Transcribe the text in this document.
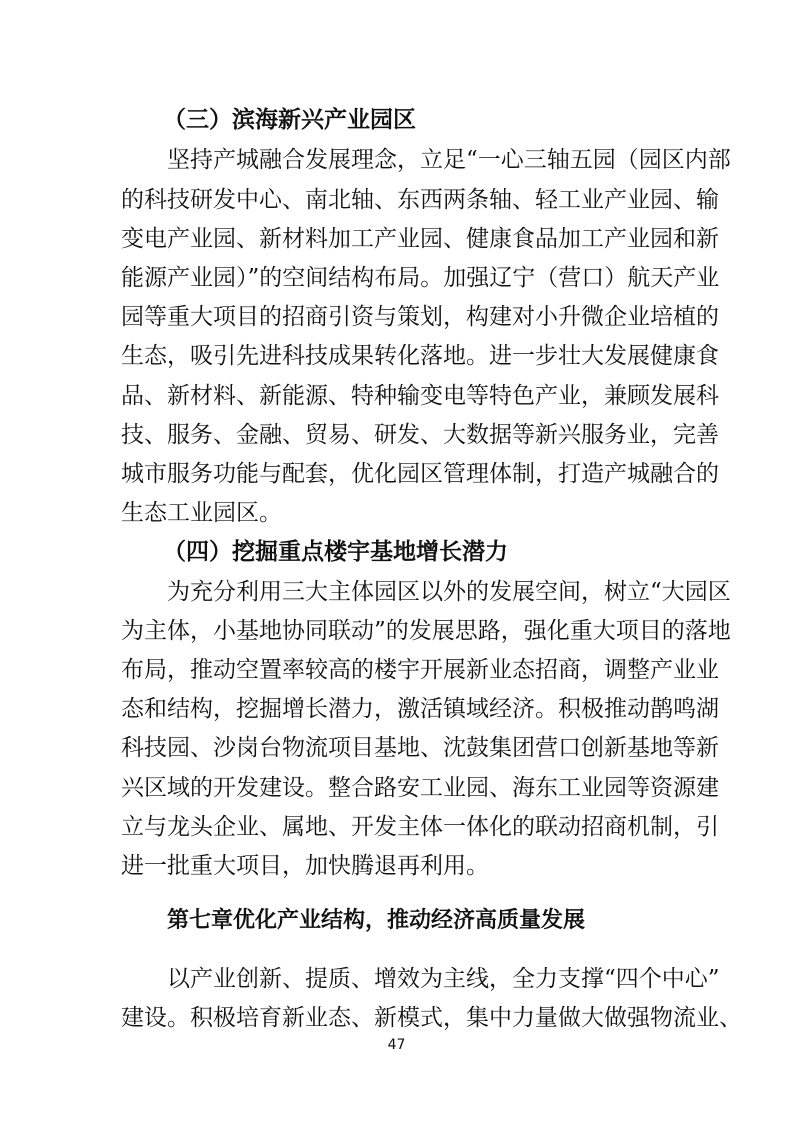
（三）滨海新兴产业园区
坚持产城融合发展理念，立足“一心三轴五园（园区内部
的科技研发中心、南北轴、东西两条轴、轻工业产业园、输
变电产业园、新材料加工产业园、健康食品加工产业园和新
能源产业园）”的空间结构布局。加强辽宁（营口）航天产业
园等重大项目的招商引资与策划，构建对小升微企业培植的
生态，吸引先进科技成果转化落地。进一步壮大发展健康食
品、新材料、新能源、特种输变电等特色产业，兼顾发展科
技、服务、金融、贸易、研发、大数据等新兴服务业，完善
城市服务功能与配套，优化园区管理体制，打造产城融合的
生态工业园区。
（四）挖掘重点楼宇基地增长潜力
为充分利用三大主体园区以外的发展空间，树立“大园区
为主体，小基地协同联动”的发展思路，强化重大项目的落地
布局，推动空置率较高的楼宇开展新业态招商，调整产业业
态和结构，挖掘增长潜力，激活镇域经济。积极推动鹊鸣湖
科技园、沙岗台物流项目基地、沈鼓集团营口创新基地等新
兴区域的开发建设。整合路安工业园、海东工业园等资源建
立与龙头企业、属地、开发主体一体化的联动招商机制，引
进一批重大项目，加快腾退再利用。
第七章优化产业结构，推动经济高质量发展
以产业创新、提质、增效为主线，全力支撑“四个中心”
建设。积极培育新业态、新模式，集中力量做大做强物流业、
47
